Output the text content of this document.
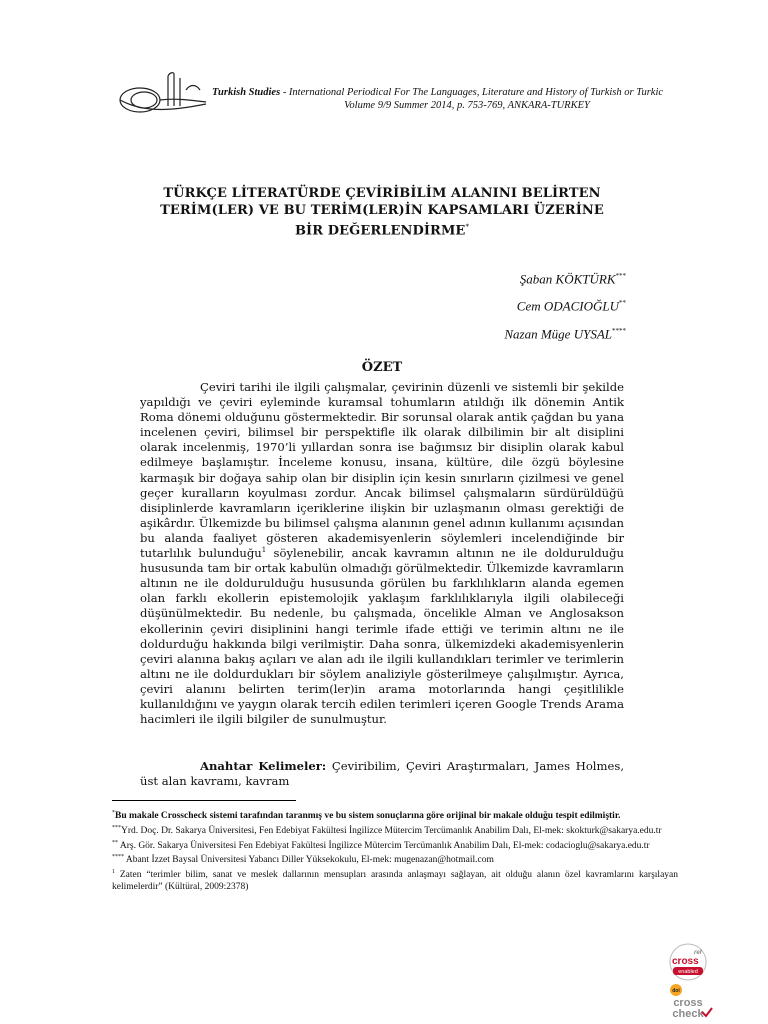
Turkish Studies - International Periodical For The Languages, Literature and History of Turkish or Turkic
Volume 9/9 Summer 2014, p. 753-769, ANKARA-TURKEY
TÜRKÇE LİTERATÜRDE ÇEVİRİBİLİM ALANINI BELİRTEN
TERİM(LER) VE BU TERİM(LER)İN KAPSAMLARI ÜZERİNE
BİR DEĞERLENDİRME*
Şaban KÖKTÜRK***
Cem ODACIOĞLU**
Nazan Müge UYSAL****
ÖZET

Çeviri tarihi ile ilgili çalışmalar, çevirinin düzenli ve sistemli bir şekilde yapıldığı ve çeviri eyleminde kuramsal tohumların atıldığı ilk dönemin Antik Roma dönemi olduğunu göstermektedir. Bir sorunsal olarak antik çağdan bu yana incelenen çeviri, bilimsel bir perspektifle ilk olarak dilbilimin bir alt disiplini olarak incelenmiş, 1970’li yıllardan sonra ise bağımsız bir disiplin olarak kabul edilmeye başlamıştır. İnceleme konusu, insana, kültüre, dile özgü böylesine karmaşık bir doğaya sahip olan bir disiplin için kesin sınırların çizilmesi ve genel geçer kuralların koyulması zordur. Ancak bilimsel çalışmaların sürdürüldüğü disiplinlerde kavramların içeriklerine ilişkin bir uzlaşmanın olması gerektiği de aşikârdır. Ülkemizde bu bilimsel çalışma alanının genel adının kullanımı açısından bu alanda faaliyet gösteren akademisyenlerin söylemleri incelendiğinde bir tutarlılık bulunduğu$^1$ söylenebilir, ancak kavramın altının ne ile doldurulduğu hususunda tam bir ortak kabulün olmadığı görülmektedir. Ülkemizde kavramların altının ne ile doldurulduğu hususunda görülen bu farklılıkların alanda egemen olan farklı ekollerin epistemolojik yaklaşım farklılıklarıyla ilgili olabileceği düşünülmektedir. Bu nedenle, bu çalışmada, öncelikle Alman ve Anglosakson ekollerinin çeviri disiplinini hangi terimle ifade ettiği ve terimin altını ne ile doldurduğu hakkında bilgi verilmiştir. Daha sonra, ülkemizdeki akademisyenlerin çeviri alanına bakış açıları ve alan adı ile ilgili kullandıkları terimler ve terimlerin altını ne ile doldurdukları bir söylem analiziyle gösterilmeye çalışılmıştır. Ayrıca, çeviri alanını belirten terim(ler)in arama motorlarında hangi çeşitlilikle kullanıldığını ve yaygın olarak tercih edilen terimleri içeren Google Trends Arama hacimleri ile ilgili bilgiler de sunulmuştur.

Anahtar Kelimeler: Çeviribilim, Çeviri Araştırmaları, James Holmes, üst alan kavramı, kavram

*Bu makale Crosscheck sistemi tarafından taranmış ve bu sistem sonuçlarına göre orijinal bir makale olduğu tespit edilmiştir.

***Yrd. Doç. Dr. Sakarya Üniversitesi, Fen Edebiyat Fakültesi İngilizce Mütercim Tercümanlık Anabilim Dalı, El-mek: skokturk@sakarya.edu.tr

** Arş. Gör. Sakarya Üniversitesi Fen Edebiyat Fakültesi İngilizce Mütercim Tercümanlık Anabilim Dalı, El-mek: codacioglu@sakarya.edu.tr

**** Abant İzzet Baysal Üniversitesi Yabancı Diller Yüksekokulu, El-mek: mugenazan@hotmail.com

$^1$ Zaten “terimler bilim, sanat ve meslek dallarının mensupları arasında anlaşmayı sağlayan, ait olduğu alanın özel kavramlarını karşılayan kelimelerdir” (Kültüral, 2009:2378)

ref
cross
enabled
doi
cross
check
